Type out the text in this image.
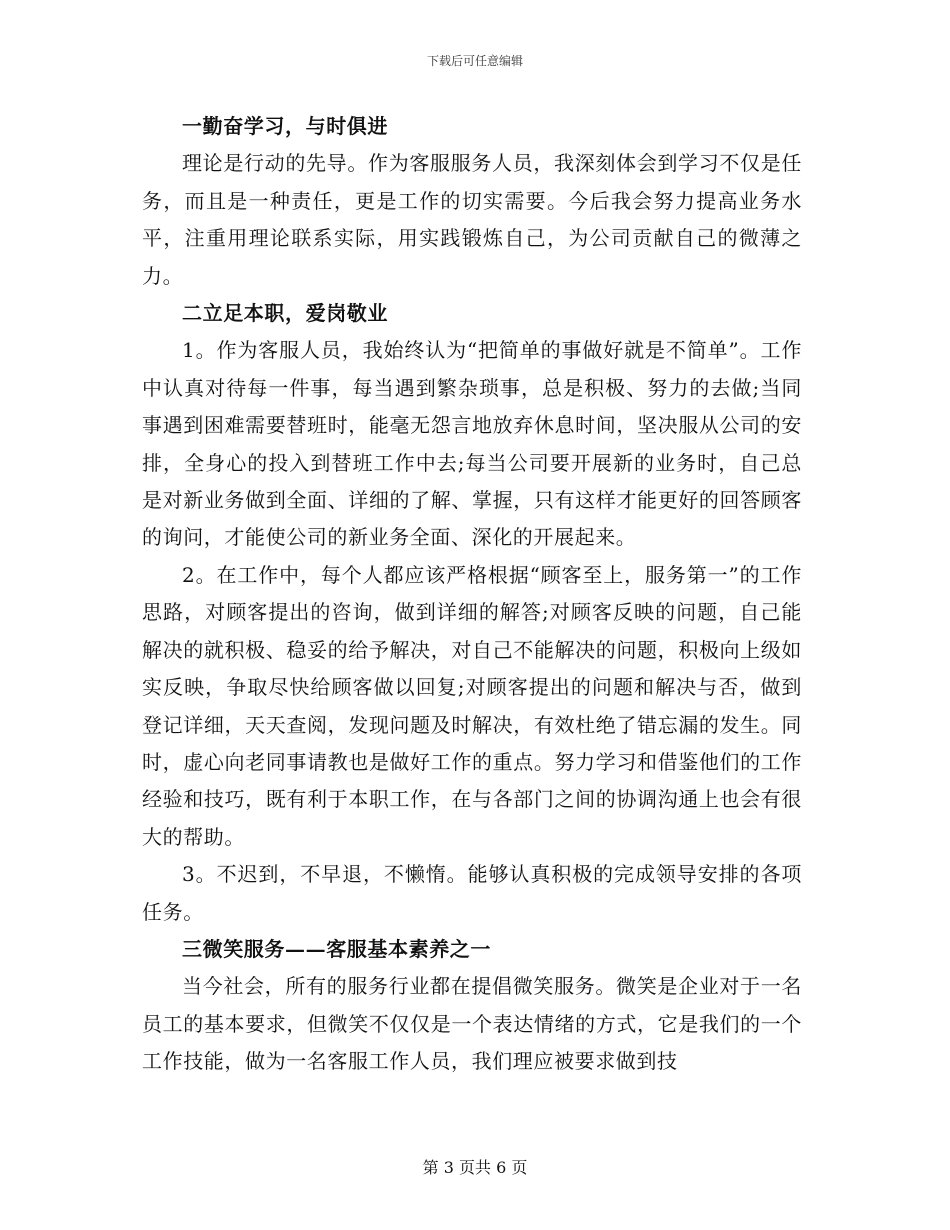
下载后可任意编辑
一勤奋学习，与时俱进

理论是行动的先导。作为客服服务人员，我深刻体会到学习不仅是任务，而且是一种责任，更是工作的切实需要。今后我会努力提高业务水平，注重用理论联系实际，用实践锻炼自己，为公司贡献自己的微薄之力。

二立足本职，爱岗敬业

1。作为客服人员，我始终认为“把简单的事做好就是不简单”。工作中认真对待每一件事，每当遇到繁杂琐事，总是积极、努力的去做;当同事遇到困难需要替班时，能毫无怨言地放弃休息时间，坚决服从公司的安排，全身心的投入到替班工作中去;每当公司要开展新的业务时，自己总是对新业务做到全面、详细的了解、掌握，只有这样才能更好的回答顾客的询问，才能使公司的新业务全面、深化的开展起来。

2。在工作中，每个人都应该严格根据“顾客至上，服务第一”的工作思路，对顾客提出的咨询，做到详细的解答;对顾客反映的问题，自己能解决的就积极、稳妥的给予解决，对自己不能解决的问题，积极向上级如实反映，争取尽快给顾客做以回复;对顾客提出的问题和解决与否，做到登记详细，天天查阅，发现问题及时解决，有效杜绝了错忘漏的发生。同时，虚心向老同事请教也是做好工作的重点。努力学习和借鉴他们的工作经验和技巧，既有利于本职工作，在与各部门之间的协调沟通上也会有很大的帮助。

3。不迟到，不早退，不懒惰。能够认真积极的完成领导安排的各项任务。

三微笑服务——客服基本素养之一

当今社会，所有的服务行业都在提倡微笑服务。微笑是企业对于一名员工的基本要求，但微笑不仅仅是一个表达情绪的方式，它是我们的一个工作技能，做为一名客服工作人员，我们理应被要求做到技

第 3 页共 6 页
